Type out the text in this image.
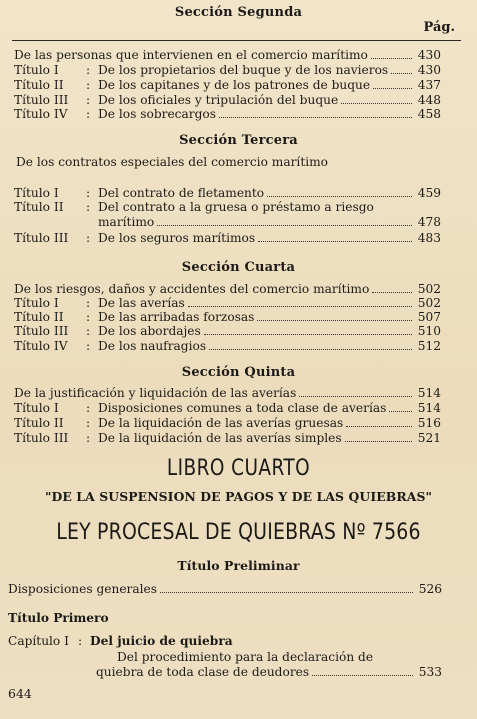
Sección Segunda
Pág.
De las personas que intervienen en el comercio marítimo	430
Título I	: De los propietarios del buque y de los navieros 430
Título II	: De los capitanes y de los patrones de buque	437
Título III	: De los oficiales y tripulación del buque	448
Título IV	: De los sobrecargos	458
Sección Tercera
De los contratos especiales del comercio marítimo
Título I	: Del contrato de fletamento	459
Título II	: Del contrato a la gruesa o préstamo a riesgo
marítimo	478
Título III	: De los seguros marítimos	483
Sección Cuarta
De los riesgos, daños y accidentes del comercio marítimo	502
Título I	: De las averías	502
Título II	: De las arribadas forzosas	507
Título III	: De los abordajes	510
Título IV	: De los naufragios	512
Sección Quinta
De la justificación y liquidación de las averías	514
Título I	: Disposiciones comunes a toda clase de averías	514
Título II	: De la liquidación de las averías gruesas	516
Título III	: De la liquidación de las averías simples	521
LIBRO CUARTO
"DE LA SUSPENSION DE PAGOS Y DE LAS QUIEBRAS"
LEY PROCESAL DE QUIEBRAS Nº 7566
Título Preliminar
Disposiciones generales	526
Título Primero
Capítulo I : Del juicio de quiebra
Del procedimiento para la declaración de
quiebra de toda clase de deudores	533
644
